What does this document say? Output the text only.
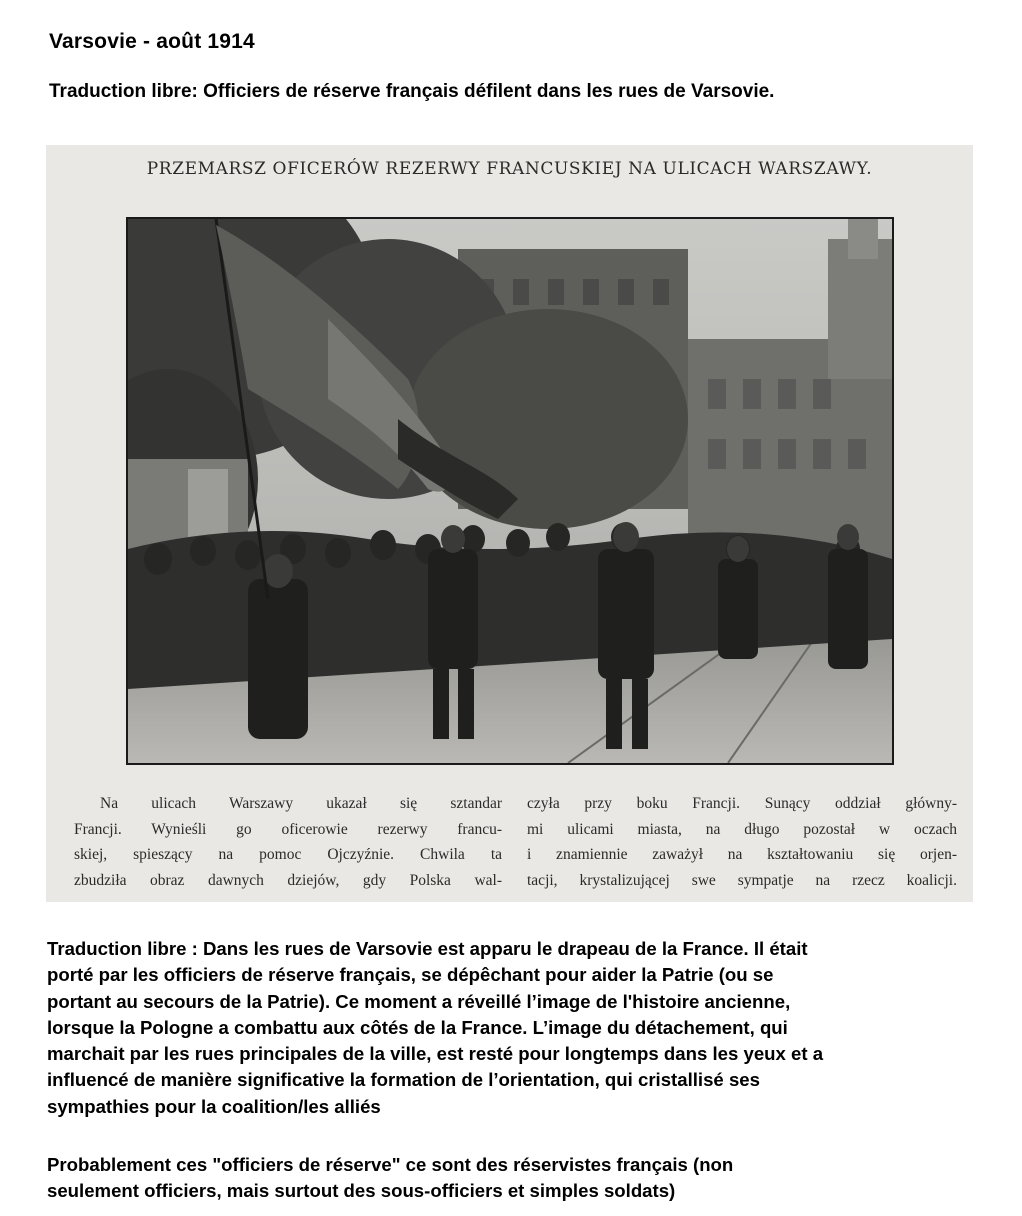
Varsovie - août 1914
Traduction libre: Officiers de réserve français défilent dans les rues de Varsovie.
PRZEMARSZ OFICERÓW REZERWY FRANCUSKIEJ NA ULICACH WARSZAWY.
Na ulicach Warszawy ukazał się sztandar
Francji. Wynieśli go oficerowie rezerwy francu-
skiej, spieszący na pomoc Ojczyźnie. Chwila ta
zbudziła obraz dawnych dziejów, gdy Polska wal-
czyła przy boku Francji. Sunący oddział główny-
mi ulicami miasta, na długo pozostał w oczach
i znamiennie zaważył na kształtowaniu się orjen-
tacji, krystalizującej swe sympatje na rzecz koalicji.
Traduction libre : Dans les rues de Varsovie est apparu le drapeau de la France. Il était
porté par les officiers de réserve français, se dépêchant pour aider la Patrie (ou se
portant au secours de la Patrie). Ce moment a réveillé l’image de l'histoire ancienne,
lorsque la Pologne a combattu aux côtés de la France. L’image du détachement, qui
marchait par les rues principales de la ville, est resté pour longtemps dans les yeux et a
influencé de manière significative la formation de l’orientation, qui cristallisé ses
sympathies pour la coalition/les alliés
Probablement ces "officiers de réserve" ce sont des réservistes français (non
seulement officiers, mais surtout des sous-officiers et simples soldats)
